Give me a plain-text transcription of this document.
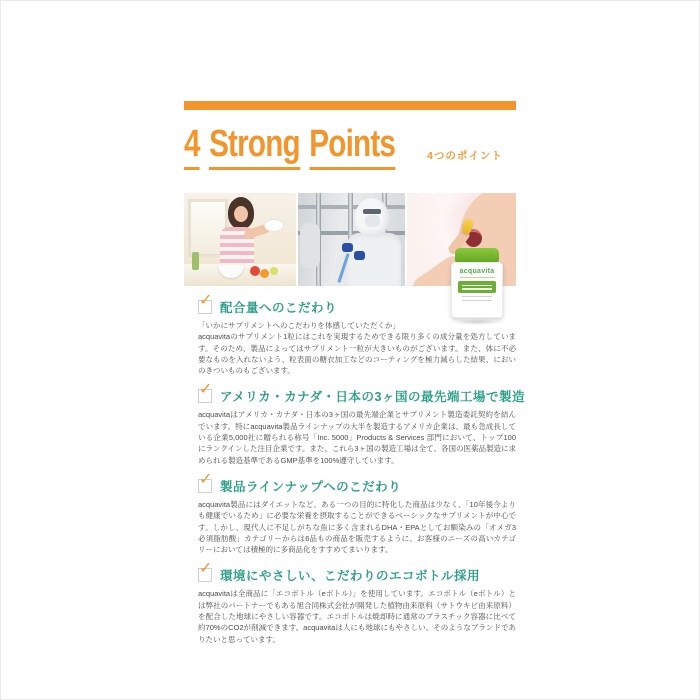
4 Strong Points	4つのポイント
✓ 配合量へのこだわり
「いかにサプリメントへのこだわりを体感していただくか」
acquavitaのサプリメント1粒にはこれを実現するためできる限り多くの成分量を処方しています。そのため、製品によってはサプリメント一粒が大きいものがございます。また、体に不必要なものを入れないよう、粒表面の糖衣加工などのコーティングを極力減らした結果、においのきついものもございます。
✓ アメリカ・カナダ・日本の3ヶ国の最先端工場で製造
acquavitaはアメリカ・カナダ・日本の3ヶ国の最先端企業とサプリメント製造委託契約を結んでいます。特にacquavita製品ラインナップの大半を製造するアメリカ企業は、最も急成長している企業5,000社に贈られる称号「Inc. 5000」Products & Services 部門において、トップ100にランクインした注目企業です。また、これら3ヶ国の製造工場は全て、各国の医薬品製造に求められる製造基準であるGMP基準を100%遵守しています。
✓ 製品ラインナップへのこだわり
acquavita製品にはダイエットなど、ある一つの目的に特化した商品は少なく、「10年後今よりも健康でいるため」に必要な栄養を摂取することができるベーシックなサプリメントが中心です。しかし、現代人に不足しがちな魚に多く含まれるDHA・EPAとしてお馴染みの「オメガ3必須脂肪酸」カテゴリーからは6品もの商品を販売するように、お客様のニーズの高いカテゴリーにおいては積極的に多商品化をすすめてまいります。
✓ 環境にやさしい、こだわりのエコボトル採用
acquavitaは全商品に「エコボトル（eボトル）」を使用しています。エコボトル（eボトル）とは弊社のパートナーでもある旭合同株式会社が開発した植物由来原料（サトウキビ由来原料）を配合した地球にやさしい容器です。エコボトルは焼却時に通常のプラスチック容器に比べて約70%のCO2が削減できます。acquavitaは人にも地球にもやさしい、そのようなブランドでありたいと思っています。
acquavita
